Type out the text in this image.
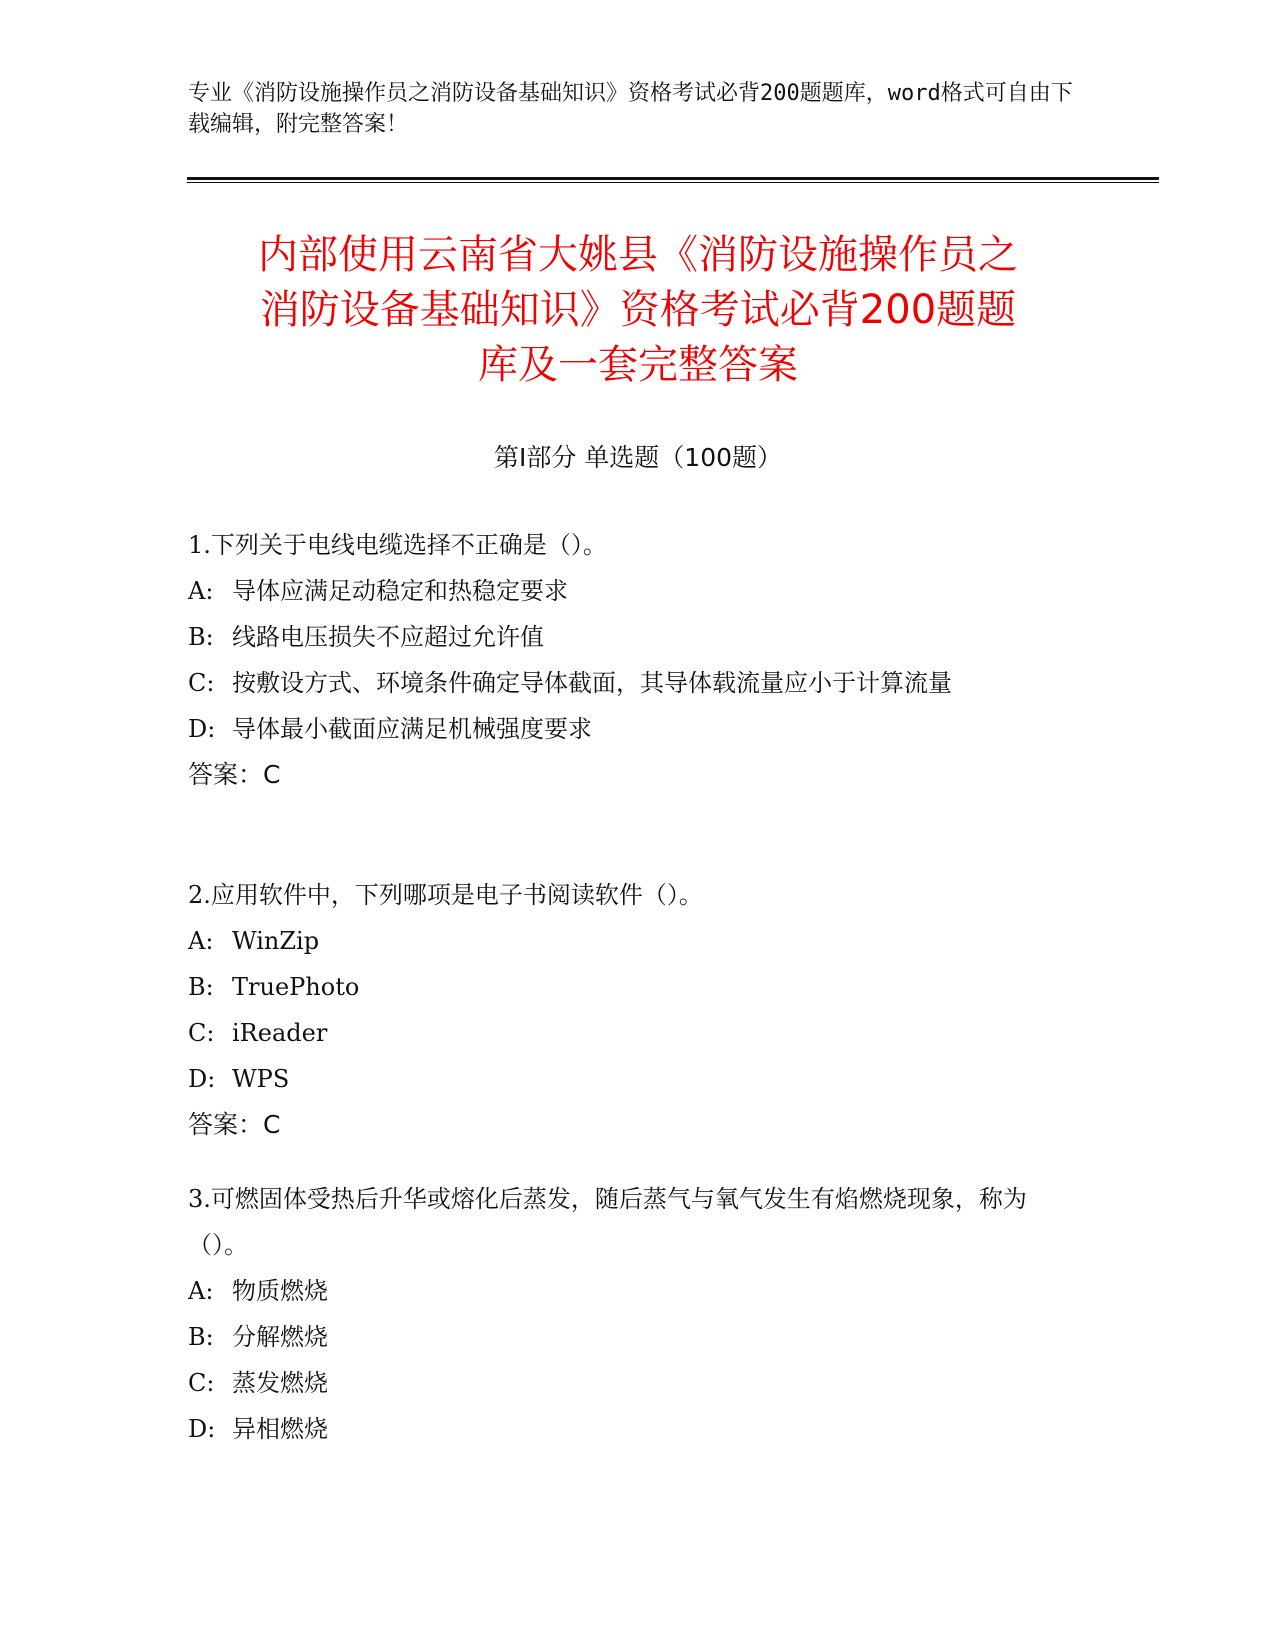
专业《消防设施操作员之消防设备基础知识》资格考试必背200题题库，word格式可自由下载编辑，附完整答案！
内部使用云南省大姚县《消防设施操作员之
消防设备基础知识》资格考试必背200题题
库及一套完整答案
第Ⅰ部分 单选题（100题）
1.下列关于电线电缆选择不正确是（）。
A: 导体应满足动稳定和热稳定要求
B: 线路电压损失不应超过允许值
C: 按敷设方式、环境条件确定导体截面，其导体载流量应小于计算流量
D: 导体最小截面应满足机械强度要求
答案：C
2.应用软件中，下列哪项是电子书阅读软件（）。
A: WinZip
B: TruePhoto
C: iReader
D: WPS
答案：C
3.可燃固体受热后升华或熔化后蒸发，随后蒸气与氧气发生有焰燃烧现象，称为（）。
A: 物质燃烧
B: 分解燃烧
C: 蒸发燃烧
D: 异相燃烧
